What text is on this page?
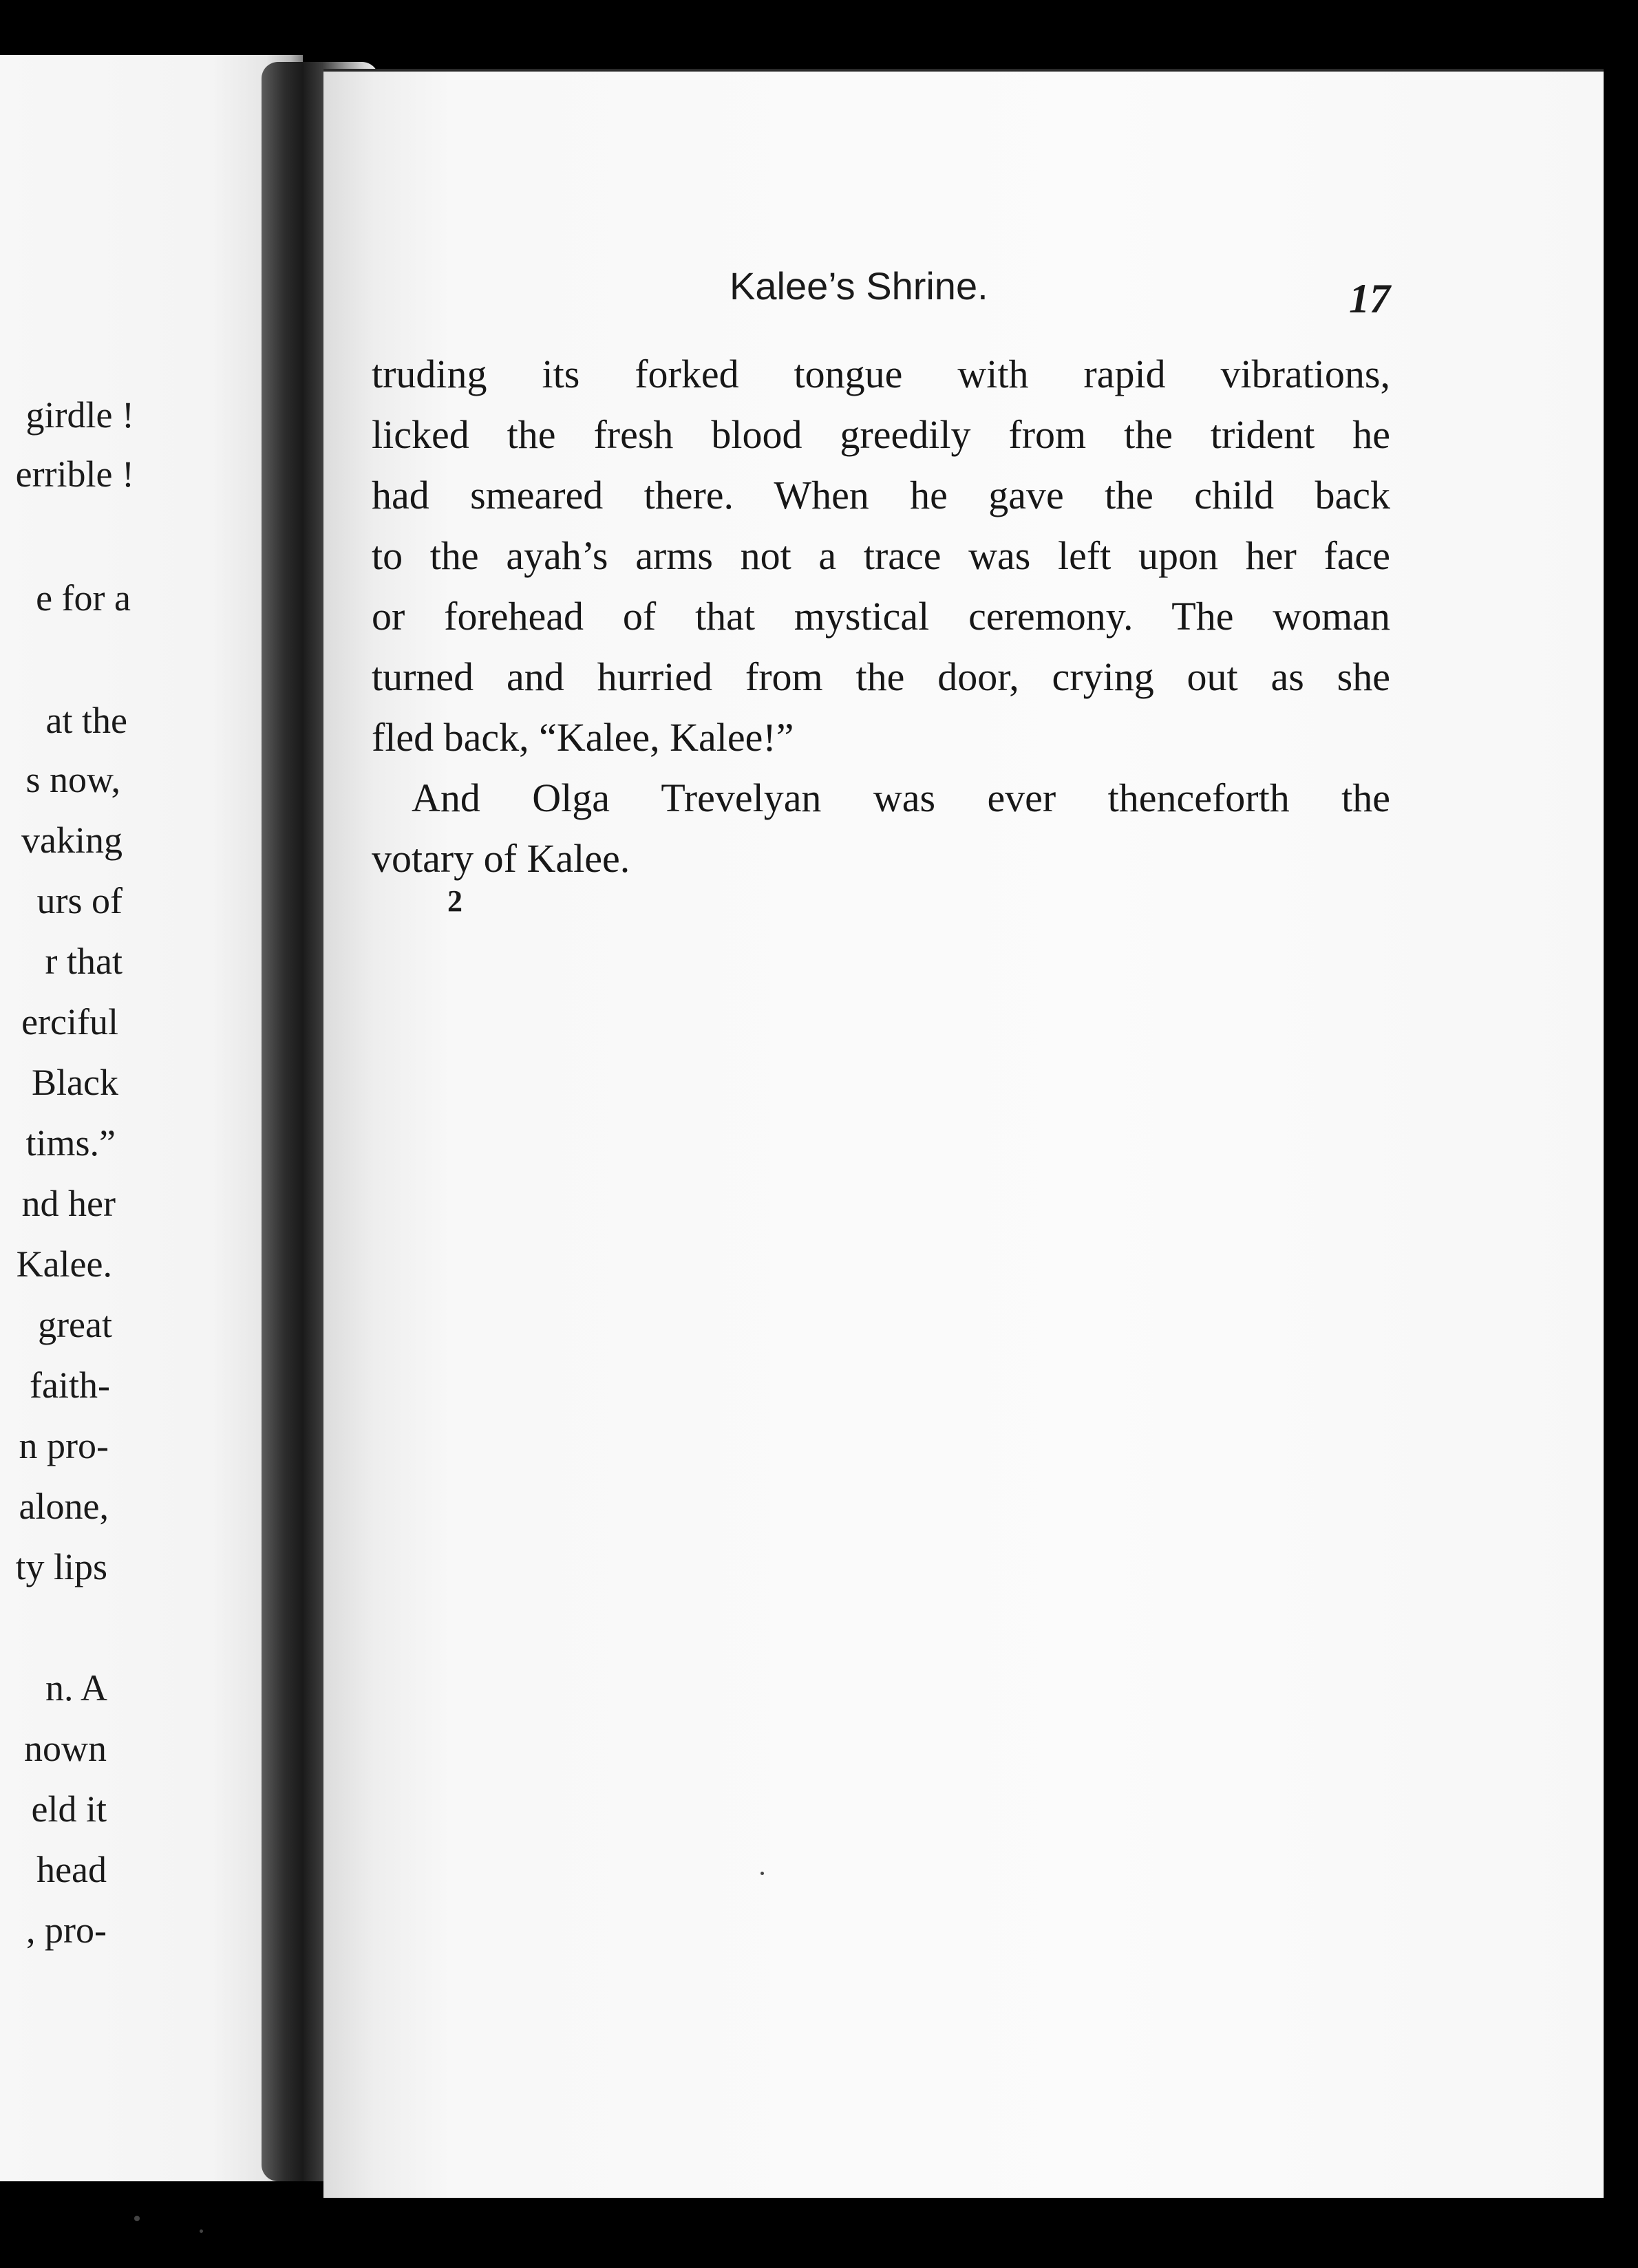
girdle !
errible !
e for a
at the
s now,
vaking
urs of
r that
erciful
Black
tims.”
nd her
Kalee.
great
faith-
n pro-
alone,
ty lips
n. A
nown
eld it
head
, pro-
Kalee’s Shrine.	17
truding its forked tongue with rapid vibrations,
licked the fresh blood greedily from the trident he
had smeared there. When he gave the child back
to the ayah’s arms not a trace was left upon her face
or forehead of that mystical ceremony. The woman
turned and hurried from the door, crying out as she
fled back, “Kalee, Kalee!”
And Olga Trevelyan was ever thenceforth the
votary of Kalee.
2
